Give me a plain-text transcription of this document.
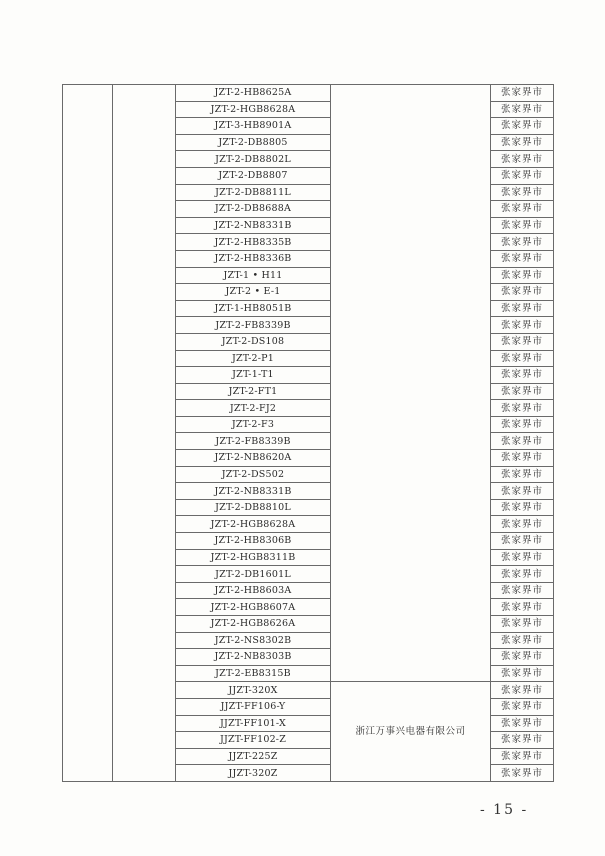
		JZT-2-HB8625A		张家界市
		JZT-2-HGB8628A		张家界市
		JZT-3-HB8901A		张家界市
		JZT-2-DB8805		张家界市
		JZT-2-DB8802L		张家界市
		JZT-2-DB8807		张家界市
		JZT-2-DB8811L		张家界市
		JZT-2-DB8688A		张家界市
		JZT-2-NB8331B		张家界市
		JZT-2-HB8335B		张家界市
		JZT-2-HB8336B		张家界市
		JZT-1 • H11		张家界市
		JZT-2 • E-1		张家界市
		JZT-1-HB8051B		张家界市
		JZT-2-FB8339B		张家界市
		JZT-2-DS108		张家界市
		JZT-2-P1		张家界市
		JZT-1-T1		张家界市
		JZT-2-FT1		张家界市
		JZT-2-FJ2		张家界市
		JZT-2-F3		张家界市
		JZT-2-FB8339B		张家界市
		JZT-2-NB8620A		张家界市
		JZT-2-DS502		张家界市
		JZT-2-NB8331B		张家界市
		JZT-2-DB8810L		张家界市
		JZT-2-HGB8628A		张家界市
		JZT-2-HB8306B		张家界市
		JZT-2-HGB8311B		张家界市
		JZT-2-DB1601L		张家界市
		JZT-2-HB8603A		张家界市
		JZT-2-HGB8607A		张家界市
		JZT-2-HGB8626A		张家界市
		JZT-2-NS8302B		张家界市
		JZT-2-NB8303B		张家界市
		JZT-2-EB8315B		张家界市
		JJZT-320X	浙江万事兴电器有限公司	张家界市
		JJZT-FF106-Y		张家界市
		JJZT-FF101-X		张家界市
		JJZT-FF102-Z		张家界市
		JJZT-225Z		张家界市
		JJZT-320Z		张家界市
- 15 -
